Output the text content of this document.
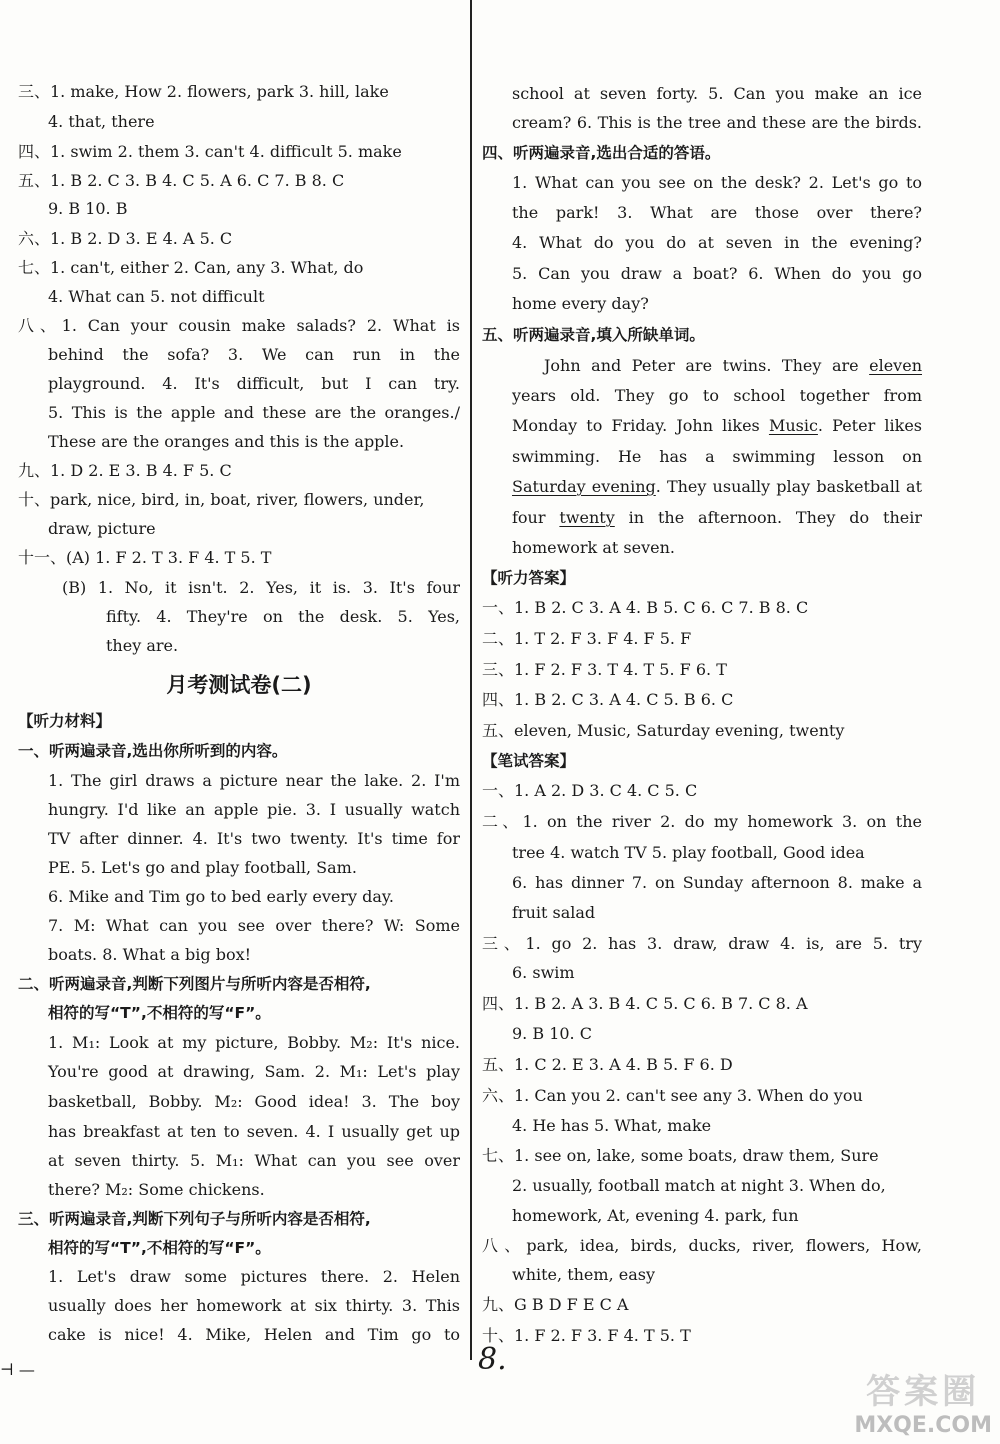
三、1. make, How 2. flowers, park 3. hill, lake
4. that, there
四、1. swim 2. them 3. can't 4. difficult 5. make
五、1. B 2. C 3. B 4. C 5. A 6. C 7. B 8. C
9. B 10. B
六、1. B 2. D 3. E 4. A 5. C
七、1. can't, either 2. Can, any 3. What, do
4. What can 5. not difficult
八、1. Can your cousin make salads? 2. What is
behind the sofa? 3. We can run in the
playground. 4. It's difficult, but I can try.
5. This is the apple and these are the oranges./
These are the oranges and this is the apple.
九、1. D 2. E 3. B 4. F 5. C
十、park, nice, bird, in, boat, river, flowers, under,
draw, picture
十一、(A) 1. F 2. T 3. F 4. T 5. T
(B) 1. No, it isn't. 2. Yes, it is. 3. It's four
fifty. 4. They're on the desk. 5. Yes,
they are.
月考测试卷(二)
【听力材料】
一、听两遍录音,选出你所听到的内容。
1. The girl draws a picture near the lake. 2. I'm
hungry. I'd like an apple pie. 3. I usually watch
TV after dinner. 4. It's two twenty. It's time for
PE. 5. Let's go and play football, Sam.
6. Mike and Tim go to bed early every day.
7. M: What can you see over there? W: Some
boats. 8. What a big box!
二、听两遍录音,判断下列图片与所听内容是否相符,
相符的写“T”,不相符的写“F”。
1. M₁: Look at my picture, Bobby. M₂: It's nice.
You're good at drawing, Sam. 2. M₁: Let's play
basketball, Bobby. M₂: Good idea! 3. The boy
has breakfast at ten to seven. 4. I usually get up
at seven thirty. 5. M₁: What can you see over
there? M₂: Some chickens.
三、听两遍录音,判断下列句子与所听内容是否相符,
相符的写“T”,不相符的写“F”。
1. Let's draw some pictures there. 2. Helen
usually does her homework at six thirty. 3. This
cake is nice! 4. Mike, Helen and Tim go to
school at seven forty. 5. Can you make an ice
cream? 6. This is the tree and these are the birds.
四、听两遍录音,选出合适的答语。
1. What can you see on the desk? 2. Let's go to
the park! 3. What are those over there?
4. What do you do at seven in the evening?
5. Can you draw a boat? 6. When do you go
home every day?
五、听两遍录音,填入所缺单词。
John and Peter are twins. They are eleven
years old. They go to school together from
Monday to Friday. John likes Music. Peter likes
swimming. He has a swimming lesson on
Saturday evening. They usually play basketball at
four twenty in the afternoon. They do their
homework at seven.
【听力答案】
一、1. B 2. C 3. A 4. B 5. C 6. C 7. B 8. C
二、1. T 2. F 3. F 4. F 5. F
三、1. F 2. F 3. T 4. T 5. F 6. T
四、1. B 2. C 3. A 4. C 5. B 6. C
五、eleven, Music, Saturday evening, twenty
【笔试答案】
一、1. A 2. D 3. C 4. C 5. C
二、1. on the river 2. do my homework 3. on the
tree 4. watch TV 5. play football, Good idea
6. has dinner 7. on Sunday afternoon 8. make a
fruit salad
三、1. go 2. has 3. draw, draw 4. is, are 5. try
6. swim
四、1. B 2. A 3. B 4. C 5. C 6. B 7. C 8. A
9. B 10. C
五、1. C 2. E 3. A 4. B 5. F 6. D
六、1. Can you 2. can't see any 3. When do you
4. He has 5. What, make
七、1. see on, lake, some boats, draw them, Sure
2. usually, football match at night 3. When do,
homework, At, evening 4. park, fun
八、park, idea, birds, ducks, river, flowers, How,
white, them, easy
九、G B D F E C A
十、1. F 2. F 3. F 4. T 5. T
8.
⊣ —
答案圈
MXQE.COM
